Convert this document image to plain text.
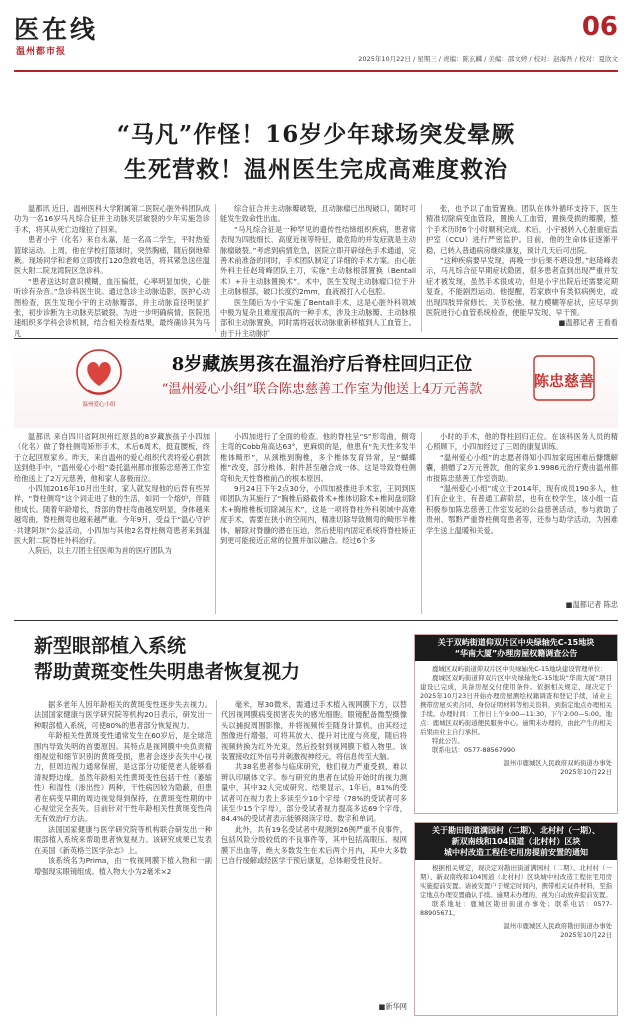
医在线
温州都市报
06
2025年10月22日 / 星期三 / 责编：陈玄麟 / 美编：邵文婷 / 校对：赵海吾 / 校对：夏欣文
“马凡”作怪！16岁少年球场突发晕厥
生死营救！温州医生完成高难度救治

温都讯 近日，温州医科大学附属第二医院心脏外科团队成功为一名16岁马凡综合征并主动脉夹层破裂的少年实施急诊手术，将其从死亡边缘拉了回来。

患者小宇（化名）来自永嘉，是一名高二学生，平时热爱篮球运动。上周，他在学校打篮球时，突然胸痛，随后倒地晕厥。现场同学和老师立即拨打120急救电话，将其紧急送往温医大附二院龙湾院区急诊科。

“患者送达时意识模糊，血压偏低，心率明显加快，心脏听诊有杂音。”急诊科医生说。通过急诊主动脉造影，医护心动图检查，医生发现小宇的主动脉瓣部，并主动脉直径明显扩张，初步诊断为主动脉夹层破裂。为进一步明确病情，医院迅速组织多学科会诊机制，结合相关检查结果，最终确诊其为马凡

综合征合并主动脉瓣破裂，且动脉瘤已出现破口，随时可能发生致命性出血。

“马凡综合征是一种罕见的遗传性结缔组织疾病，患者常表现为四肢细长、高度近视等特征，最危险的并发症就是主动脉瘤破裂。”考虑到病情危急，医院立即开辟绿色手术通道，完善术前准备的同时，手术团队制定了详细的手术方案。由心脏外科主任赵琦峰团队主刀，实施“主动脉根部置换（Bentall术）+升主动脉置换术”。术中，医生发现主动脉瘤口位于升主动脉根部，破口长度约2mm，血液被打入心包腔。

医生随后为小宇实施了Bentall手术，这是心脏外科领域中极为复杂且难度很高的一种手术，涉及主动脉瓣、主动脉根部和主动脉置换，同时需将冠状动脉重新移植到人工血管上。由于升主动脉扩

张，也予以了血管置换。团队在体外循环支持下，医生精准切除病变血管段，置换人工血管，置换受损的瓣膜，整个手术历时6个小时顺利完成。术后，小宇被转入心脏重症监护室（CCU）进行严密监护。目前，他的生命体征逐渐平稳，已转入普通病房继续康复，预计几天后可出院。

“这种疾病要早发现，再晚一步后果不堪设想。”赵琦峰表示，马凡综合征早期症状隐匿，很多患者直到出现严重并发症才被发现，虽然手术很成功，但是小宇出院后还需要定期复查，不能剧烈运动。他提醒，若家族中有类似病例史，或出现四肢异常修长、关节松弛、视力模糊等症状，应尽早到医院进行心血管系统检查，便能早发现、早干预。

■温都记者 王看看
温州爱心小组
8岁藏族男孩在温治疗后脊柱回归正位
“温州爱心小组”联合陈忠慈善工作室为他送上4万元善款	陈忠慈善

温都讯 来自四川省阿坝州红原县的8岁藏族孩子小四加（化名）做了脊柱侧弯矫形手术，术后6周术，挺直腰板，终于立起回原家乡。昨天，来自温州的爱心组织代表将爱心捐款送到他手中，“温州爱心小组”委托温州都市报陈忠慈善工作室给他送上了2万元慈善，他和家人喜极而泣。

小四加2016年10月出生时，家人就发现他的后背有些异样，“脊柱侧弯”这个词走进了他的生活，如同一个熔炉，伴随他成长。随着年龄增长，背部的脊柱弯曲越发明显，身体越来越弯曲，脊柱侧弯也越来越严重。今年9月，受益于“温心守护·共建阿坝”公益活动，小四加与其他2名脊柱侧弯患者来到温医大附二院脊柱外科治疗。

入院后，以主刀团主任医师为首的医疗团队为

小四加进行了全面的检查。他的脊柱呈“S”形弯曲，侧弯主弯的Cobb角高达63°，更麻烦的是，他患有“先天性多发半椎体畸形”，从颈椎到胸椎，多个椎体发育异常，呈“蝴蝶椎”改变，部分椎体、附件甚至融合成一体。这是导致脊柱侧弯和先天性脊椎前凸的根本原因。

9月24日下午2点30分，小四加被推进手术室，王同到医师团队为其施行了“胸椎后路截骨术+椎体切除术+椎间盘切除术+胸椎椎板切除减压术”，这是一项将脊柱外科领域中高难度手术，需要在狭小的空间内，精准切除导致侧弯的畸形半椎体，解除对脊髓的潜在压迫，然后使用内固定系统将脊柱矫正到更可能接近正常的位置并加以融合。经过6个多

小时的手术，他的脊柱回归正位。在该科医务人员的精心照顾下，小四加经过了三周的康复训练。

“温州爱心小组”的志愿者得知小四加家庭困难后慷慨解囊，捐赠了2万元善款，他的家乡1.9986元治疗费由温州都市报陈忠慈善工作室资助。

“温州爱心小组”成立于2014年，现有成员190多人，他们有企业主、有普通工薪阶层，也有在校学生，该小组一直积极参加陈忠慈善工作室发起的公益慈善活动，参与救助了贵州、鄂黔严重脊柱侧弯患者等，还参与助学活动，为困难学生送上温暖和关爱。

■温都记者 陈忠
新型眼部植入系统
帮助黄斑变性失明患者恢复视力

据多老年人因年龄相关的黄斑变性逐步失去视力。法国国家健康与医学研究院等机构20日表示，研发出一种眼部植入系统，可使80%的患者部分恢复视力。

年龄相关性黄斑变性通常发生在60岁后，是全球范围内导致失明的首要原因。其特点是视网膜中央负责精细视觉和细节识别的黄斑受损，患者会逐步丧失中心视力，但周边视力通常保留，是这部分功能使老人能够看清视野边缘。虽然年龄相关性黄斑变性包括干性（萎缩性）和湿性（渗出性）两种，干性病因较为隐蔽，但患者在病变早期的周边视觉得到保持，在黄斑变性期的中心视觉完全丧失。目前针对干性年龄相关性黄斑变性尚无有效治疗方法。

法国国家健康与医学研究院等机构联合研发出一种眼部植入系统来帮助患者恢复视力。该研究成果已发表在美国《新英格兰医学杂志》上。

该系统名为Prima，由一枚视网膜下植入物和一副增强现实眼镜组成。植入物大小为2毫米×2

毫米，厚30微米，需通过手术植入视网膜下方，以替代因视网膜病变损害丧失的感光细胞。眼镜配备微型摄像头以捕捉周围影像，并将视频传至随身计算机，由其经过图像进行增强，可将其放大、提升对比度与亮度，随后将视频转换为红外光束，然后投射到视网膜下植入物里。该装置接收红外信号并刺激视神经元，将信息传至大脑。

共38名患者参与临床研究，他们视力严重受损，难以辨认印刷体文字。参与研究的患者在试验开始时的视力测量中，其中32人完成研究。结果显示，1年后，81%的受试者可在视力表上多读至少10个字母（78%的受试者可多读至少15个字母），部分受试者视力提高多达69个字母，84.4%的受试者表示能够阅读字母、数字和单词。

此外，共有19名受试者中观测到26例严重不良事件，包括风险分级较低的不良事件等，其中包括高眼压、视网膜下出血等，绝大多数发生在术后两个月内，其中大多数已自行缓解或经医学干预后康复，总体耐受性良好。

■新华网
关于双屿街道仰双片区中央绿轴先C-15地块
“华南大厦”办理房屋权籍调查公告

鹿城区双屿街道仰双片区中央绿轴先C-15地块建设管理单位：

鹿城区双屿街道仰双片区中央绿轴先C-15地块“华南大厦”项目建设已完成，具备房屋交付使用条件。依据相关规定，现决定于2025年10月23日开始办理房屋测绘权籍调查和登记手续，请业主携带房屋买卖合同、身份证明材料等相关资料，到指定地点办理相关手续。办理时间：工作日上午9:00—11:30，下午2:00—5:00。地点：鹿城区双屿街道便民服务中心。逾期未办理的，由此产生的相关后果由业主自行承担。

特此公告。

联系电话：0577-88567990

温州市鹿城区人民政府双屿街道办事处
2025年10月22日
关于勘田街道满园村（二期）、北村村（一期）、
新双南线和104国道（北村村）区块
城中村改造工程住宅用房提前安置的通知

根据相关规定，现决定对勘田街道满园村（二期）、北村村（一期）、新双南线和104国道（北村村）区块城中村改造工程住宅用房实施提前安置。请被安置户于规定时间内，携带相关证件材料，至指定地点办理安置确认手续。逾期未办理的，视为自动放弃提前安置。

联系地址：鹿城区勘田街道办事处；联系电话：0577-88905671。

温州市鹿城区人民政府勘田街道办事处
2025年10月22日
